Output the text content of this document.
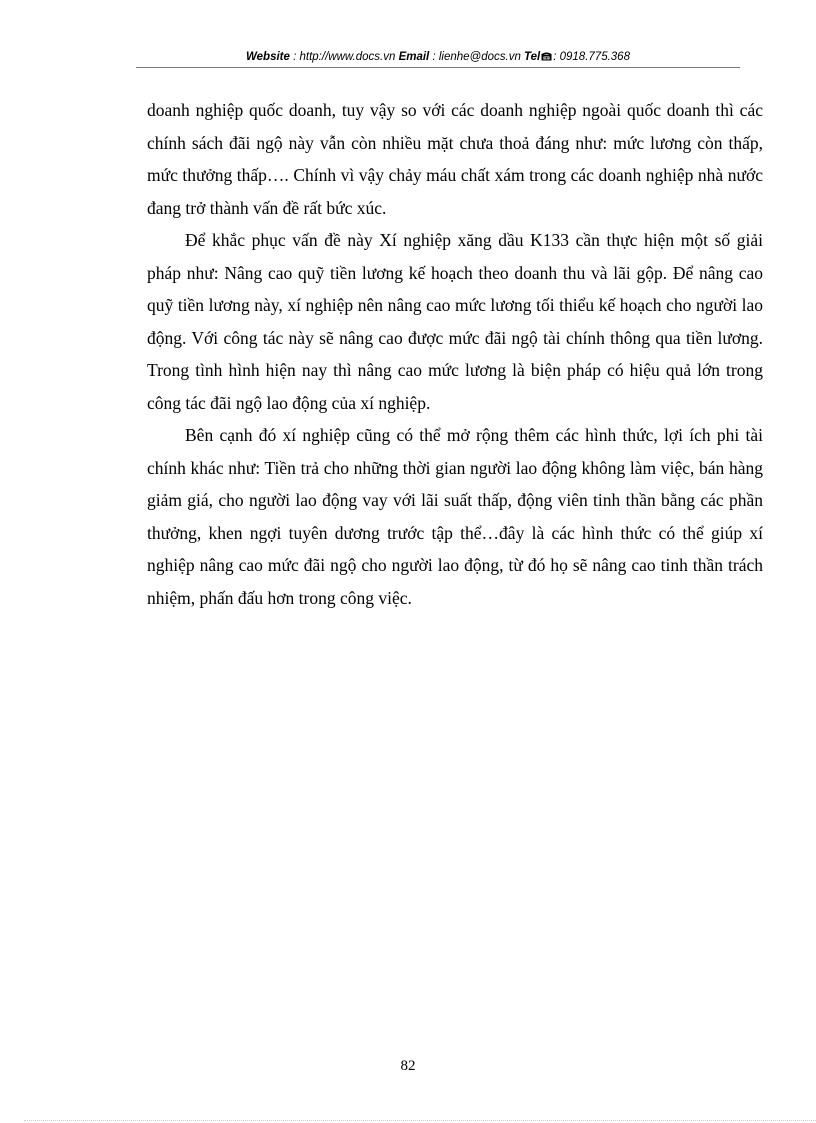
Website : http://www.docs.vn Email : lienhe@docs.vn Tel : 0918.775.368

doanh nghiệp quốc doanh, tuy vậy so với các doanh nghiệp ngoài quốc doanh thì các chính sách đãi ngộ này vẫn còn nhiều mặt chưa thoả đáng như: mức lương còn thấp, mức thưởng thấp…. Chính vì vậy chảy máu chất xám trong các doanh nghiệp nhà nước đang trở thành vấn đề rất bức xúc.

Để khắc phục vấn đề này Xí nghiệp xăng dầu K133 cần thực hiện một số giải pháp như: Nâng cao quỹ tiền lương kế hoạch theo doanh thu và lãi gộp. Để nâng cao quỹ tiền lương này, xí nghiệp nên nâng cao mức lương tối thiểu kế hoạch cho người lao động. Với công tác này sẽ nâng cao được mức đãi ngộ tài chính thông qua tiền lương. Trong tình hình hiện nay thì nâng cao mức lương là biện pháp có hiệu quả lớn trong công tác đãi ngộ lao động của xí nghiệp.

Bên cạnh đó xí nghiệp cũng có thể mở rộng thêm các hình thức, lợi ích phi tài chính khác như: Tiền trả cho những thời gian người lao động không làm việc, bán hàng giảm giá, cho người lao động vay với lãi suất thấp, động viên tinh thần bằng các phần thưởng, khen ngợi tuyên dương trước tập thể…đây là các hình thức có thể giúp xí nghiệp nâng cao mức đãi ngộ cho người lao động, từ đó họ sẽ nâng cao tinh thần trách nhiệm, phấn đấu hơn trong công việc.

82
